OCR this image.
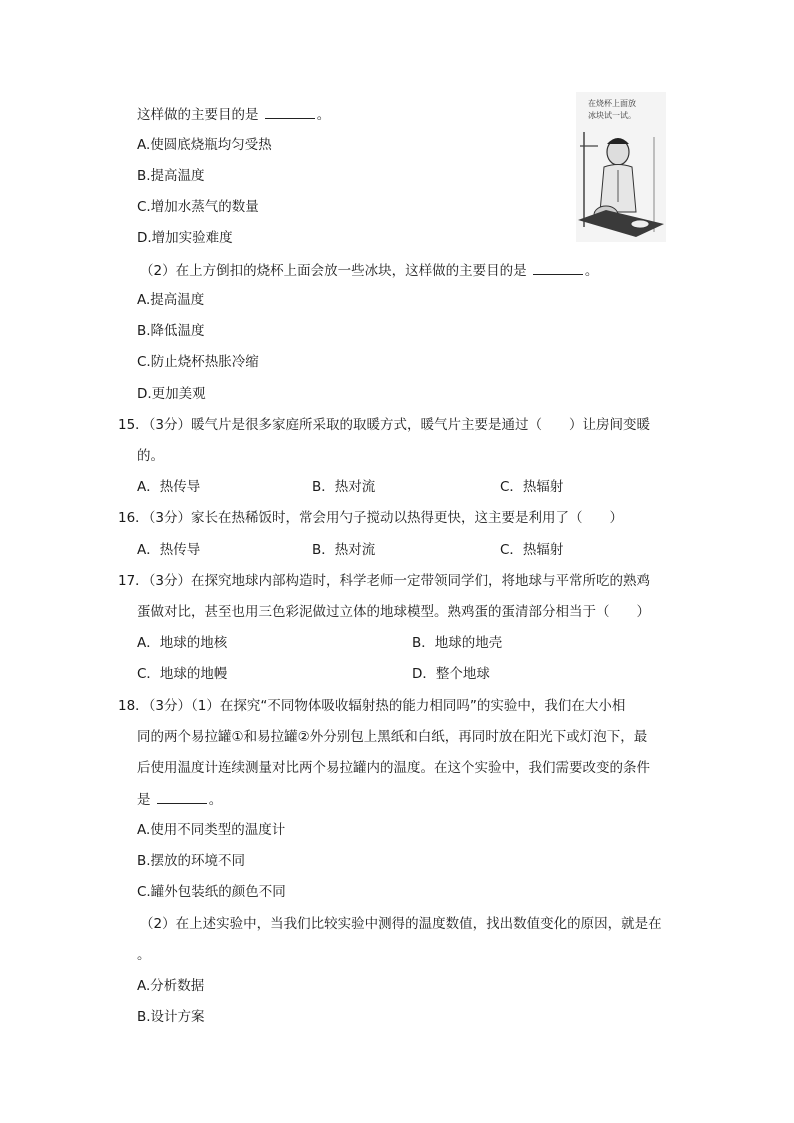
这样做的主要目的是	。
A.使圆底烧瓶均匀受热
B.提高温度
C.增加水蒸气的数量
D.增加实验难度
在烧杯上面放
冰块试一试。
（2）在上方倒扣的烧杯上面会放一些冰块，这样做的主要目的是	。
A.提高温度
B.降低温度
C.防止烧杯热胀冷缩
D.更加美观
15．（3分）暖气片是很多家庭所采取的取暖方式，暖气片主要是通过（　　）让房间变暖
的。
A．热传导	B．热对流	C．热辐射
16．（3分）家长在热稀饭时，常会用勺子搅动以热得更快，这主要是利用了（　　）
A．热传导	B．热对流	C．热辐射
17．（3分）在探究地球内部构造时，科学老师一定带领同学们，将地球与平常所吃的熟鸡
蛋做对比，甚至也用三色彩泥做过立体的地球模型。熟鸡蛋的蛋清部分相当于（　　）
A．地球的地核	B．地球的地壳
C．地球的地幔	D．整个地球
18．（3分）（1）在探究“不同物体吸收辐射热的能力相同吗”的实验中，我们在大小相
同的两个易拉罐①和易拉罐②外分别包上黑纸和白纸，再同时放在阳光下或灯泡下，最
后使用温度计连续测量对比两个易拉罐内的温度。在这个实验中，我们需要改变的条件
是	。
A.使用不同类型的温度计
B.摆放的环境不同
C.罐外包装纸的颜色不同
（2）在上述实验中，当我们比较实验中测得的温度数值，找出数值变化的原因，就是在
。
A.分析数据
B.设计方案
